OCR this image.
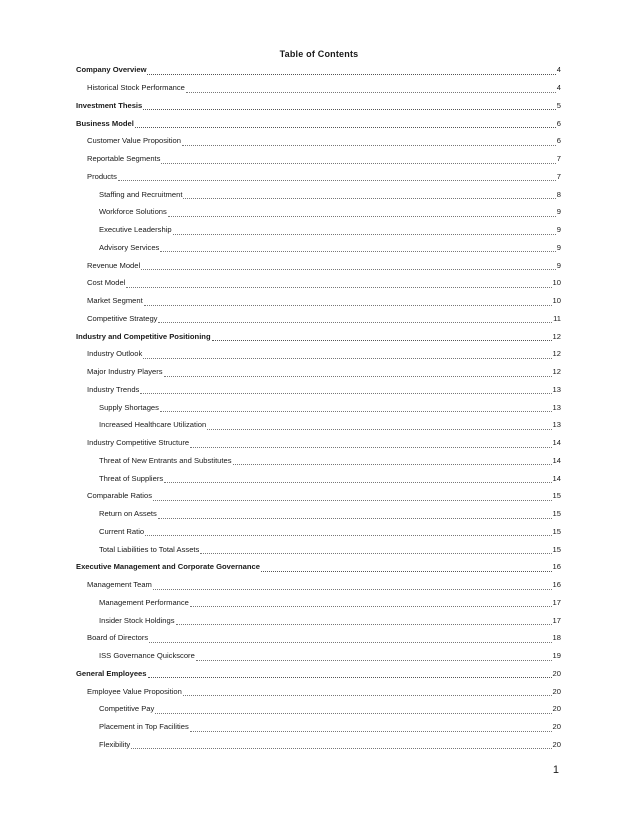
Table of Contents
Company Overview	4
Historical Stock Performance	4
Investment Thesis	5
Business Model	6
Customer Value Proposition	6
Reportable Segments	7
Products	7
Staffing and Recruitment	8
Workforce Solutions	9
Executive Leadership	9
Advisory Services	9
Revenue Model	9
Cost Model	10
Market Segment	10
Competitive Strategy	11
Industry and Competitive Positioning	12
Industry Outlook	12
Major Industry Players	12
Industry Trends	13
Supply Shortages	13
Increased Healthcare Utilization	13
Industry Competitive Structure	14
Threat of New Entrants and Substitutes	14
Threat of Suppliers	14
Comparable Ratios	15
Return on Assets	15
Current Ratio	15
Total Liabilities to Total Assets	15
Executive Management and Corporate Governance	16
Management Team	16
Management Performance	17
Insider Stock Holdings	17
Board of Directors	18
ISS Governance Quickscore	19
General Employees	20
Employee Value Proposition	20
Competitive Pay	20
Placement in Top Facilities	20
Flexibility	20
1
